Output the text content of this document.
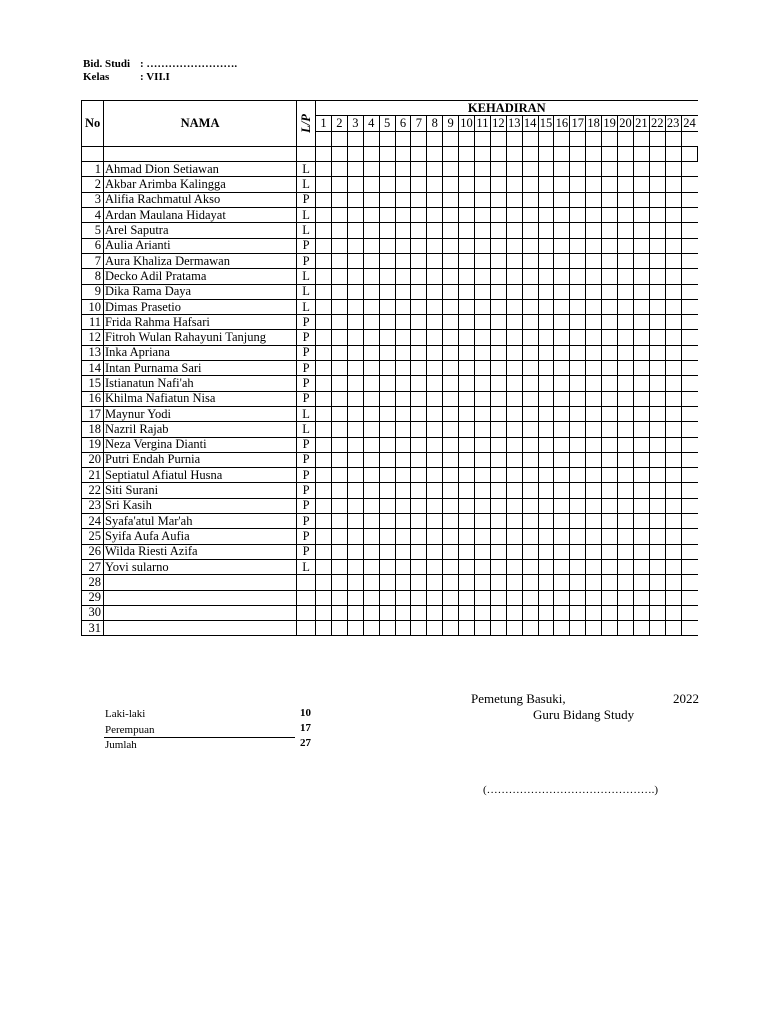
Bid. Studi : …………………….
Kelas	: VII.I
No	NAMA	L/P	KEHADIRAN																							
			1	2	3	4	5	6	7	8	9	10	11	12	13	14	15	16	17	18	19	20	21	22	23	24

1	Ahmad Dion Setiawan	L																								
2	Akbar Arimba Kalingga	L																								
3	Alifia Rachmatul Akso	P																								
4	Ardan Maulana Hidayat	L																								
5	Arel Saputra	L																								
6	Aulia Arianti	P																								
7	Aura Khaliza Dermawan	P																								
8	Decko Adil Pratama	L																								
9	Dika Rama Daya	L																								
10	Dimas Prasetio	L																								
11	Frida Rahma Hafsari	P																								
12	Fitroh Wulan Rahayuni Tanjung	P																								
13	Inka Apriana	P																								
14	Intan Purnama Sari	P																								
15	Istianatun Nafi'ah	P																								
16	Khilma Nafiatun Nisa	P																								
17	Maynur Yodi	L																								
18	Nazril Rajab	L																								
19	Neza Vergina Dianti	P																								
20	Putri Endah Purnia	P																								
21	Septiatul Afiatul Husna	P																								
22	Siti Surani	P																								
23	Sri Kasih	P																								
24	Syafa'atul Mar'ah	P																								
25	Syifa Aufa Aufia	P																								
26	Wilda Riesti Azifa	P																								
27	Yovi sularno	L																								
28																										
29																										
30																										
31																										
Laki-laki	10
Perempuan	17
Jumlah	27
Pemetung Basuki,	2022
Guru Bidang Study
(……………………………………….)
